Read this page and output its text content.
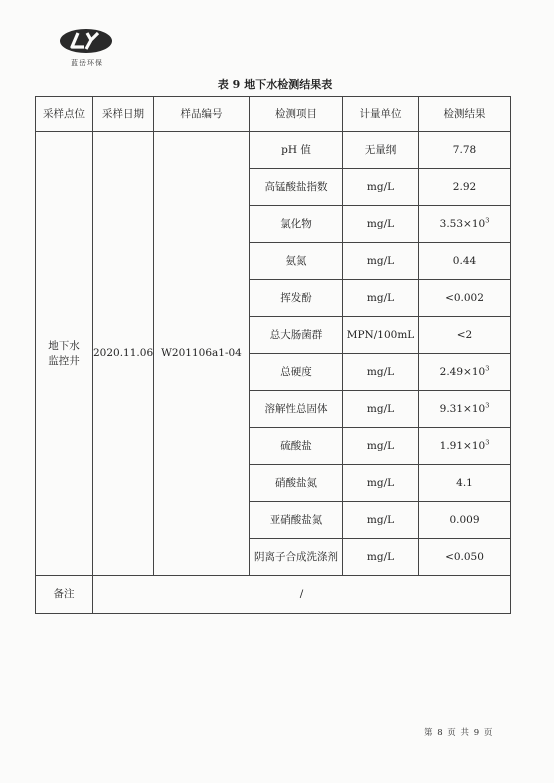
蓝岳环保
表 9 地下水检测结果表
采样点位	采样日期	样品编号	检测项目	计量单位	检测结果
地下水监控井	2020.11.06	W201106a1-04	pH 值	无量纲	7.78
			高锰酸盐指数	mg/L	2.92
			氯化物	mg/L	$3.53\times 10^3$
			氨氮	mg/L	0.44
			挥发酚	mg/L	<0.002
			总大肠菌群	MPN/100mL	<2
			总硬度	mg/L	$2.49\times 10^3$
			溶解性总固体	mg/L	$9.31\times 10^3$
			硫酸盐	mg/L	$1.91\times 10^3$
			硝酸盐氮	mg/L	4.1
			亚硝酸盐氮	mg/L	0.009
			阴离子合成洗涤剂	mg/L	<0.050
备注	/				
第 8 页 共 9 页
